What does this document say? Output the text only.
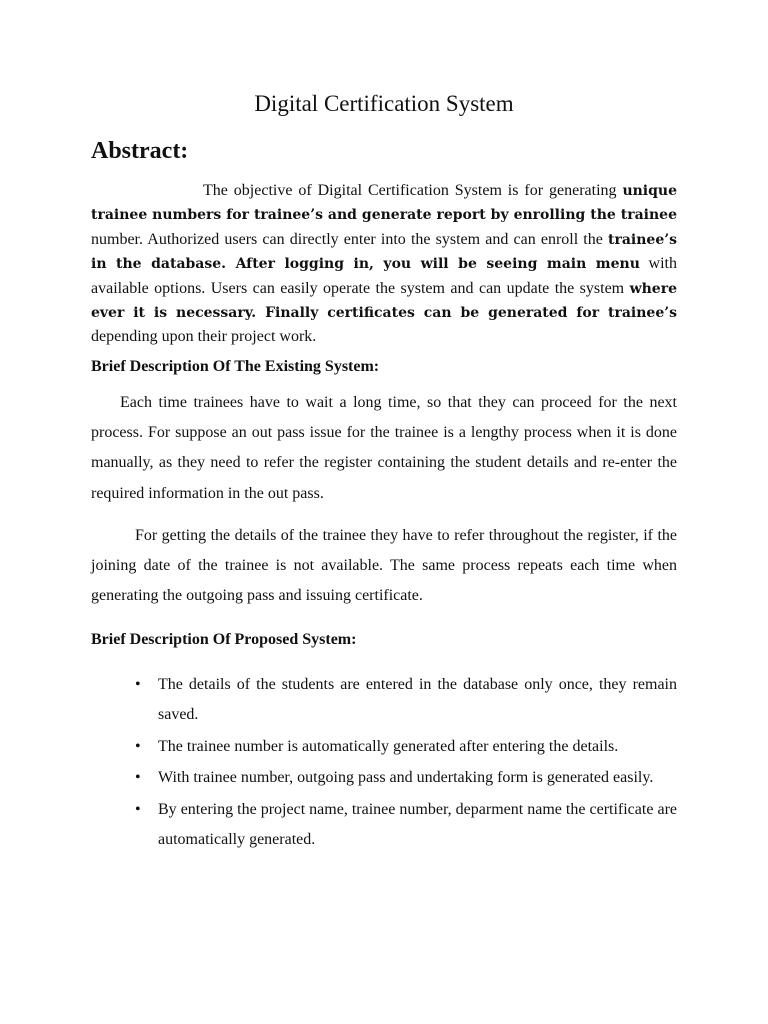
Digital Certification System
Abstract:

The objective of Digital Certification System is for generating unique trainee numbers for trainee’s and generate report by enrolling the trainee number. Authorized users can directly enter into the system and can enroll the trainee’s in the database. After logging in, you will be seeing main menu with available options. Users can easily operate the system and can update the system where ever it is necessary. Finally certificates can be generated for trainee’s depending upon their project work.

Brief Description Of The Existing System:

Each time trainees have to wait a long time, so that they can proceed for the next process. For suppose an out pass issue for the trainee is a lengthy process when it is done manually, as they need to refer the register containing the student details and re-enter the required information in the out pass.

For getting the details of the trainee they have to refer throughout the register, if the joining date of the trainee is not available. The same process repeats each time when generating the outgoing pass and issuing certificate.

Brief Description Of Proposed System:
• The details of the students are entered in the database only once, they remain saved.
• The trainee number is automatically generated after entering the details.
• With trainee number, outgoing pass and undertaking form is generated easily.
• By entering the project name, trainee number, deparment name the certificate are automatically generated.
